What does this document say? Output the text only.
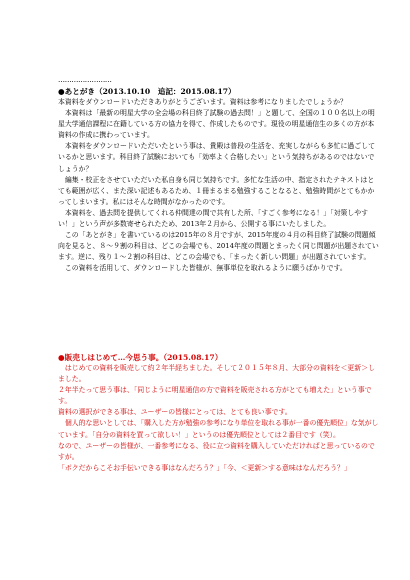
……………………

●あとがき（2013.10.10　追記：2015.08.17）

本資料をダウンロードいただきありがとうございます。資料は参考になりましたでしょうか？

　本資料は「最新の明星大学の全会場の科目終了試験の過去問！」と題して、全国の１００名以上の明星大学通信課程に在籍している方の協力を得て、作成したものです。現役の明星通信生の多くの方が本資料の作成に携わっています。

　本資料をダウンロードいただいたという事は、貴殿は普段の生活を、充実しながらも多忙に過ごしているかと思います。科目終了試験においても「効率よく合格したい」という気持ちがあるのではないでしょうか？

　編集・校正をさせていただいた私自身も同じ気持ちです。多忙な生活の中、指定されたテキストはとても範囲が広く、また深い記述もあるため、１冊まるまる勉強することなると、勉強時間がとてもかかってしまいます。私にはそんな時間がなかったのです。

　本資料を、過去問を提供してくれる仲間達の間で共有した所、「すごく参考になる！」「対策しやすい！」という声が多数寄せられたため、2013年２月から、公開する事にいたしました。

　この「あとがき」を書いているのは2015年の８月ですが、2015年度の４月の科目終了試験の問題傾向を見ると、８～９割の科目は、どこの会場でも、2014年度の問題とまったく同じ問題が出題されています。逆に、残り１～２割の科目は、どこの会場でも、「まったく新しい問題」が出題されています。

　この資料を活用して、ダウンロードした皆様が、無事単位を取れるように願うばかりです。

●販売しはじめて…今思う事。（2015.08.17）

　はじめての資料を販売して約２年半経ちました。そして２０１５年８月、大部分の資料を＜更新＞しました。

２年半たって思う事は、「同じように明星通信の方で資料を販売される方がとても増えた」という事です。

資料の選択ができる事は、ユーザーの皆様にとっては、とても良い事です。

　個人的な思いとしては、「購入した方が勉強の参考になり単位を取れる事が一番の優先順位」な気がしています。「自分の資料を買って欲しい！」というのは優先順位としては２番目です（笑）。

なので、ユーザーの皆様が、一番参考になる、役に立つ資料を購入していただければと思っているのですが。

「ボクだからこそお手伝いできる事はなんだろう？」「今、＜更新＞する意味はなんだろう？」
